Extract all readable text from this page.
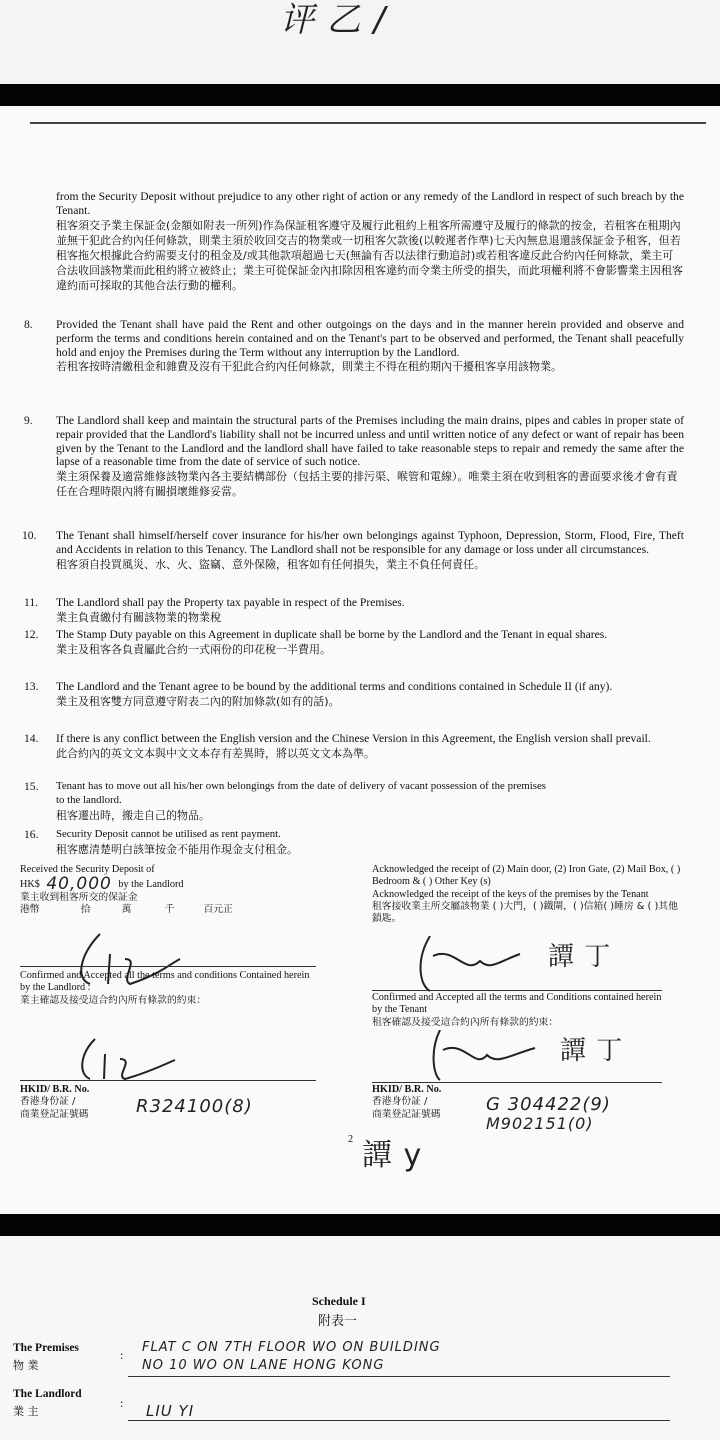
评 乙 /
from the Security Deposit without prejudice to any other right of action or any remedy of the Landlord in respect of such breach by the Tenant.
租客須交予業主保証金(金額如附表一所列)作為保証租客遵守及履行此租約上租客所需遵守及履行的條款的按金，若租客在租期內並無干犯此合約內任何條款，則業主須於收回交吉的物業或一切租客欠款後(以較遲者作準)七天內無息退還該保証金予租客，但若租客拖欠根據此合約需要支付的租金及/或其他款項超過七天(無論有否以法律行動追討)或若租客違反此合約內任何條款，業主可合法收回該物業而此租約將立被終止；業主可從保証金內扣除因租客違約而令業主所受的損失，而此項權利將不會影響業主因租客違約而可採取的其他合法行動的權利。
8. Provided the Tenant shall have paid the Rent and other outgoings on the days and in the manner herein provided and observe and perform the terms and conditions herein contained and on the Tenant's part to be observed and performed, the Tenant shall peacefully hold and enjoy the Premises during the Term without any interruption by the Landlord.
若租客按時清繳租金和雜費及沒有干犯此合約內任何條款，則業主不得在租約期內干擾租客享用該物業。
9. The Landlord shall keep and maintain the structural parts of the Premises including the main drains, pipes and cables in proper state of repair provided that the Landlord's liability shall not be incurred unless and until written notice of any defect or want of repair has been given by the Tenant to the Landlord and the landlord shall have failed to take reasonable steps to repair and remedy the same after the lapse of a reasonable time from the date of service of such notice.
業主須保養及適當維修該物業內各主要結構部份（包括主要的排污渠、喉管和電線）。唯業主須在收到租客的書面要求後才會有責任在合理時限內將有關損壞維修妥當。
10. The Tenant shall himself/herself cover insurance for his/her own belongings against Typhoon, Depression, Storm, Flood, Fire, Theft and Accidents in relation to this Tenancy. The Landlord shall not be responsible for any damage or loss under all circumstances.
租客須自投買風災、水、火、盜竊、意外保險，租客如有任何損失，業主不負任何責任。
11. The Landlord shall pay the Property tax payable in respect of the Premises.
業主負責繳付有關該物業的物業稅
12. The Stamp Duty payable on this Agreement in duplicate shall be borne by the Landlord and the Tenant in equal shares.
業主及租客各負責屬此合約一式兩份的印花稅一半費用。
13. The Landlord and the Tenant agree to be bound by the additional terms and conditions contained in Schedule II (if any).
業主及租客雙方同意遵守附表二內的附加條款(如有的話)。
14. If there is any conflict between the English version and the Chinese Version in this Agreement, the English version shall prevail.
此合約內的英文文本與中文文本存有差異時，將以英文文本為準。
15. Tenant has to move out all his/her own belongings from the date of delivery of vacant possession of the premises to the landlord.
租客遷出時，搬走自己的物品。
16. Security Deposit cannot be utilised as rent payment.
租客應清楚明白該筆按金不能用作現金支付租金。
Received the Security Deposit of
HK$ 40,000 by the Landlord
業主收到租客所交的保証金
港幣	拾	萬	千	百元正
Confirmed and Accepted all the terms and conditions Contained herein by the Landlord :
業主確認及接受這合約內所有條款的約束：
HKID/ B.R. No.
香港身份証 /
商業登記証號碼	R324100(8)
Acknowledged the receipt of (2) Main door, (2) Iron Gate, (2) Mail Box, ( ) Bedroom & ( ) Other Key (s)
Acknowledged the receipt of the keys of the premises by the Tenant
租客接收業主所交屬該物業 ( )大門，( )鐵閘，( )信箱( )睡房 & ( )其他鎖匙。
譚 丁
Confirmed and Accepted all the terms and Conditions contained herein by the Tenant
租客確認及接受這合約內所有條款的約束：
譚 丁
HKID/ B.R. No.
香港身份証 /
商業登記証號碼	G 304422(9)
M902151(0)
2 譚 y
Schedule I
附表一
The Premises
物 業
: FLAT C ON 7TH FLOOR WO ON BUILDING
NO 10 WO ON LANE HONG KONG
The Landlord
業 主
: LIU YI
